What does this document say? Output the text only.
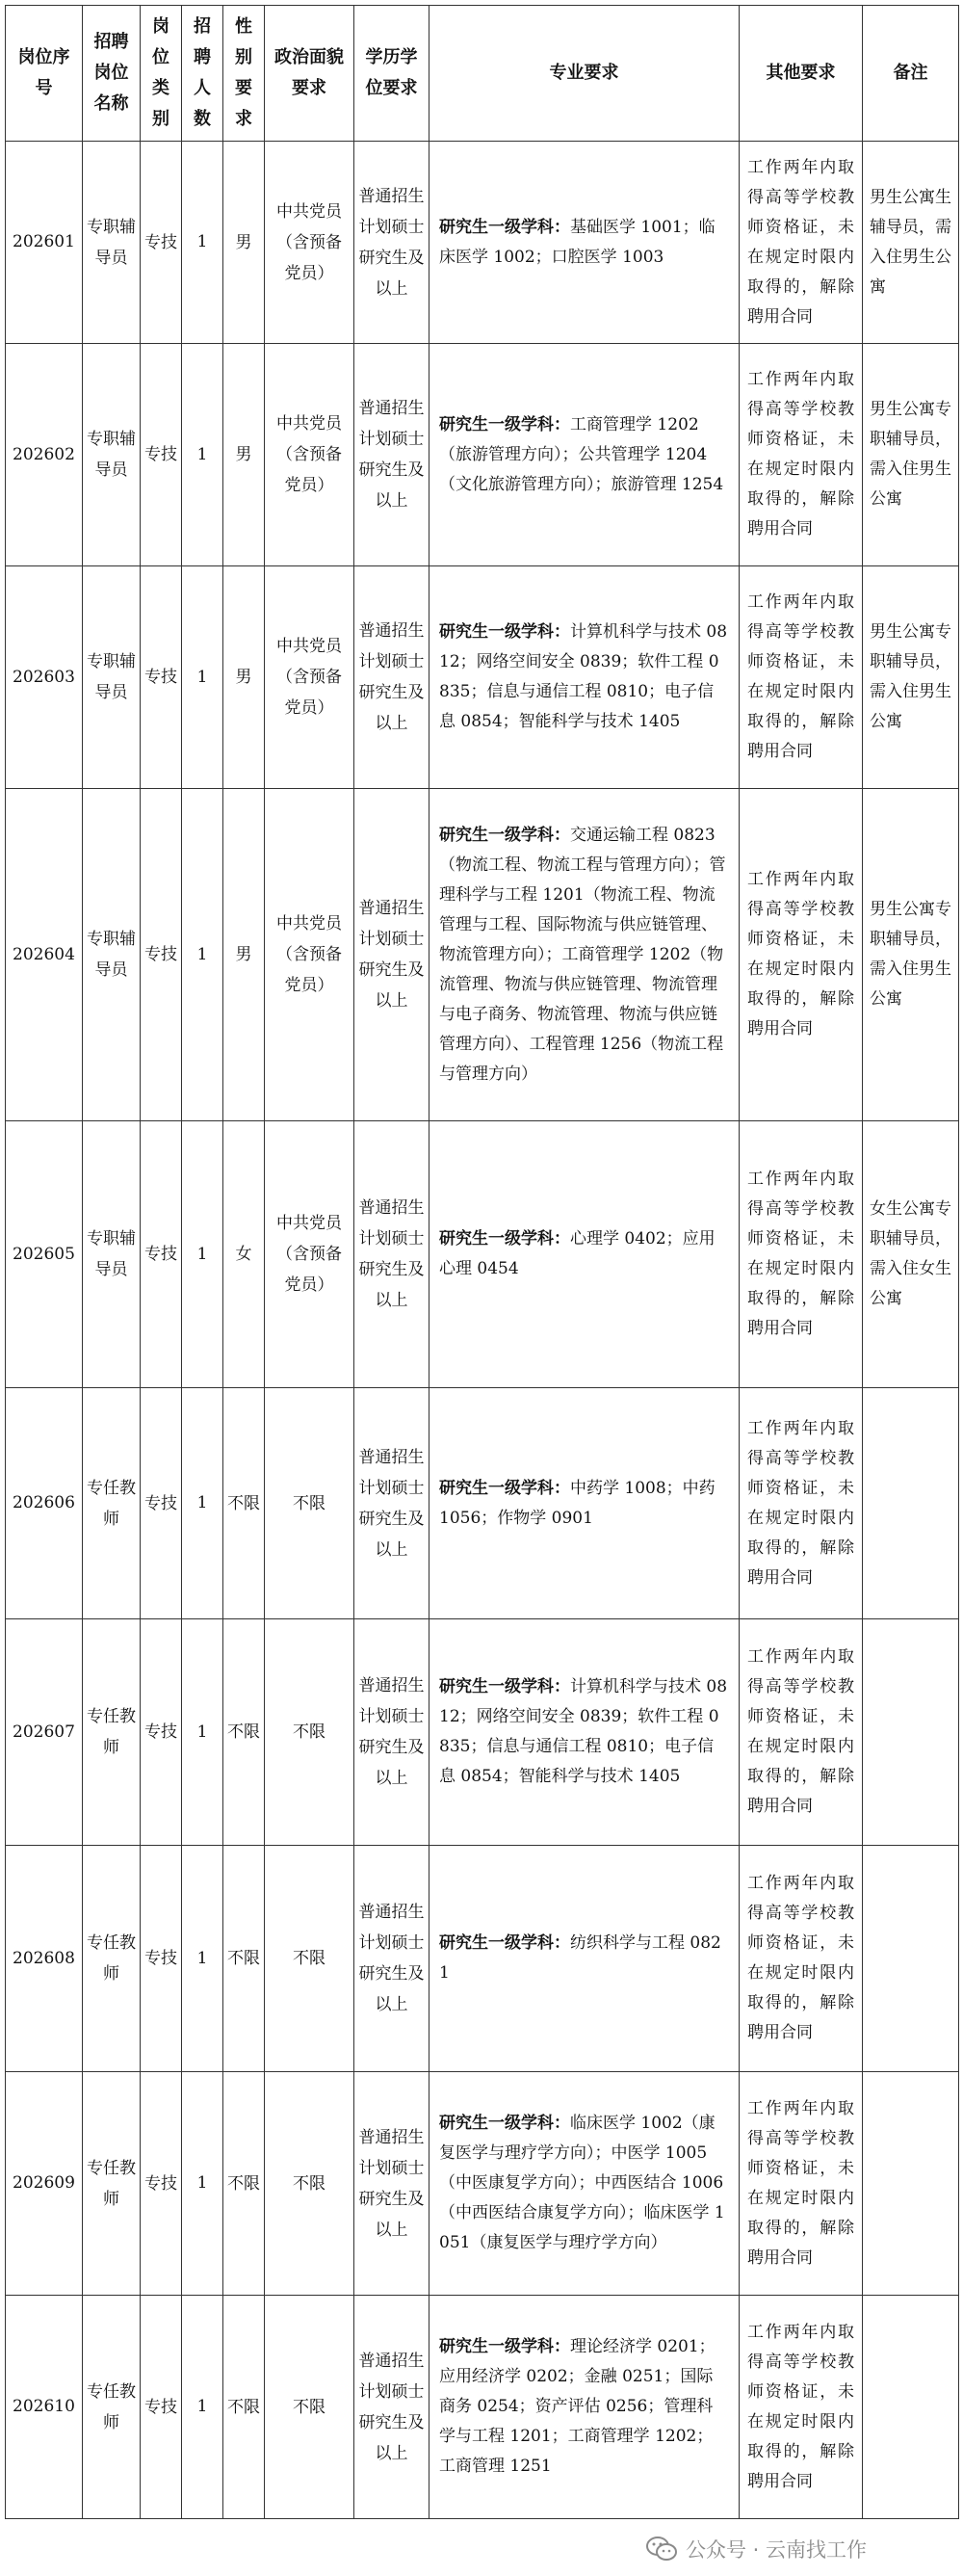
岗位序号	招聘岗位名称	岗位类别	招聘人数	性别要求	政治面貌要求	学历学位要求	专业要求	其他要求	备注
202601	专职辅导员	专技	1	男	中共党员（含预备党员）	普通招生计划硕士研究生及以上	研究生一级学科：基础医学 1001；临床医学 1002；口腔医学 1003	工作两年内取得高等学校教师资格证，未在规定时限内取得的，解除聘用合同	男生公寓生辅导员，需入住男生公寓
202602	专职辅导员	专技	1	男	中共党员（含预备党员）	普通招生计划硕士研究生及以上	研究生一级学科：工商管理学 1202（旅游管理方向）；公共管理学 1204（文化旅游管理方向）；旅游管理 1254	工作两年内取得高等学校教师资格证，未在规定时限内取得的，解除聘用合同	男生公寓专职辅导员，需入住男生公寓
202603	专职辅导员	专技	1	男	中共党员（含预备党员）	普通招生计划硕士研究生及以上	研究生一级学科：计算机科学与技术 0812；网络空间安全 0839；软件工程 0835；信息与通信工程 0810；电子信息 0854；智能科学与技术 1405	工作两年内取得高等学校教师资格证，未在规定时限内取得的，解除聘用合同	男生公寓专职辅导员，需入住男生公寓
202604	专职辅导员	专技	1	男	中共党员（含预备党员）	普通招生计划硕士研究生及以上	研究生一级学科：交通运输工程 0823（物流工程、物流工程与管理方向）；管理科学与工程 1201（物流工程、物流管理与工程、国际物流与供应链管理、物流管理方向）；工商管理学 1202（物流管理、物流与供应链管理、物流管理与电子商务、物流管理、物流与供应链管理方向）、工程管理 1256（物流工程与管理方向）	工作两年内取得高等学校教师资格证，未在规定时限内取得的，解除聘用合同	男生公寓专职辅导员，需入住男生公寓
202605	专职辅导员	专技	1	女	中共党员（含预备党员）	普通招生计划硕士研究生及以上	研究生一级学科：心理学 0402；应用心理 0454	工作两年内取得高等学校教师资格证，未在规定时限内取得的，解除聘用合同	女生公寓专职辅导员，需入住女生公寓
202606	专任教师	专技	1	不限	不限	普通招生计划硕士研究生及以上	研究生一级学科：中药学 1008；中药 1056；作物学 0901	工作两年内取得高等学校教师资格证，未在规定时限内取得的，解除聘用合同	
202607	专任教师	专技	1	不限	不限	普通招生计划硕士研究生及以上	研究生一级学科：计算机科学与技术 0812；网络空间安全 0839；软件工程 0835；信息与通信工程 0810；电子信息 0854；智能科学与技术 1405	工作两年内取得高等学校教师资格证，未在规定时限内取得的，解除聘用合同	
202608	专任教师	专技	1	不限	不限	普通招生计划硕士研究生及以上	研究生一级学科：纺织科学与工程 0821	工作两年内取得高等学校教师资格证，未在规定时限内取得的，解除聘用合同	
202609	专任教师	专技	1	不限	不限	普通招生计划硕士研究生及以上	研究生一级学科：临床医学 1002（康复医学与理疗学方向）；中医学 1005（中医康复学方向）；中西医结合 1006（中西医结合康复学方向）；临床医学 1051（康复医学与理疗学方向）	工作两年内取得高等学校教师资格证，未在规定时限内取得的，解除聘用合同	
202610	专任教师	专技	1	不限	不限	普通招生计划硕士研究生及以上	研究生一级学科：理论经济学 0201；应用经济学 0202；金融 0251；国际商务 0254；资产评估 0256；管理科学与工程 1201；工商管理学 1202；工商管理 1251	工作两年内取得高等学校教师资格证，未在规定时限内取得的，解除聘用合同	
公众号 · 云南找工作
